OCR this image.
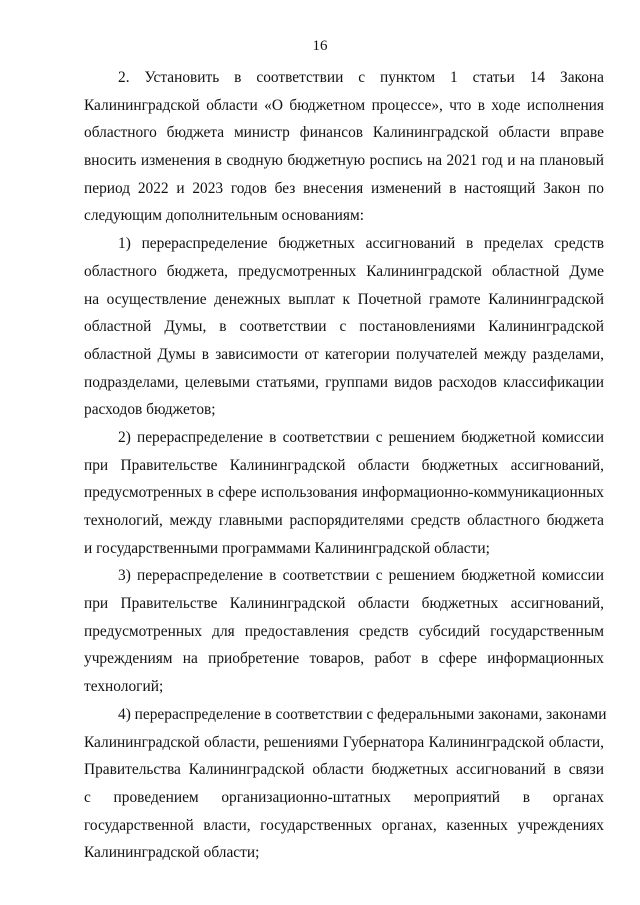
16
2. Установить в соответствии с пунктом 1 статьи 14 Закона
Калининградской области «О бюджетном процессе», что в ходе исполнения
областного бюджета министр финансов Калининградской области вправе
вносить изменения в сводную бюджетную роспись на 2021 год и на плановый
период 2022 и 2023 годов без внесения изменений в настоящий Закон по
следующим дополнительным основаниям:
1) перераспределение бюджетных ассигнований в пределах средств
областного бюджета, предусмотренных Калининградской областной Думе
на осуществление денежных выплат к Почетной грамоте Калининградской
областной Думы, в соответствии с постановлениями Калининградской
областной Думы в зависимости от категории получателей между разделами,
подразделами, целевыми статьями, группами видов расходов классификации
расходов бюджетов;
2) перераспределение в соответствии с решением бюджетной комиссии
при Правительстве Калининградской области бюджетных ассигнований,
предусмотренных в сфере использования информационно-коммуникационных
технологий, между главными распорядителями средств областного бюджета
и государственными программами Калининградской области;
3) перераспределение в соответствии с решением бюджетной комиссии
при Правительстве Калининградской области бюджетных ассигнований,
предусмотренных для предоставления средств субсидий государственным
учреждениям на приобретение товаров, работ в сфере информационных
технологий;
4) перераспределение в соответствии с федеральными законами, законами
Калининградской области, решениями Губернатора Калининградской области,
Правительства Калининградской области бюджетных ассигнований в связи
с проведением организационно-штатных мероприятий в органах
государственной власти, государственных органах, казенных учреждениях
Калининградской области;
